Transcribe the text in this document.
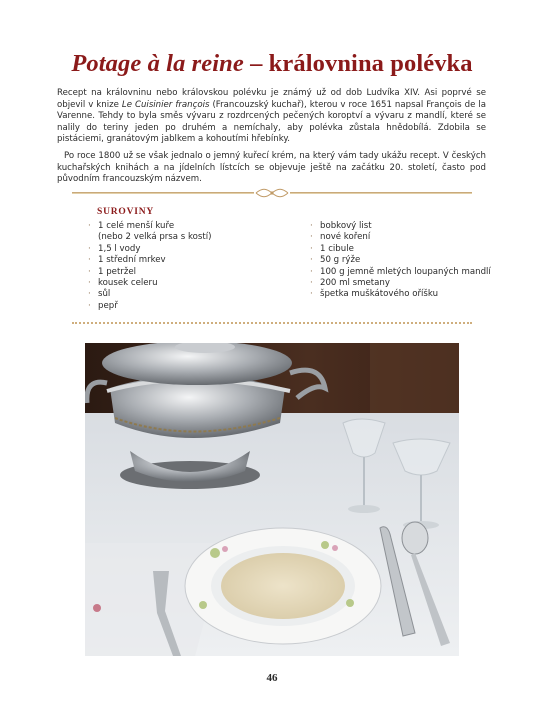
Potage à la reine – královnina polévka

Recept na královninu nebo královskou polévku je známý už od dob Ludvíka XIV. Asi poprvé se objevil v knize Le Cuisinier françois (Francouzský kuchař), kterou v roce 1651 napsal François de la Varenne. Tehdy to byla směs vývaru z rozdrcených pečených koroptví a vývaru z mandlí, které se nalily do teriny jeden po druhém a nemíchaly, aby polévka zůstala hnědobílá. Zdobila se pistáciemi, granátovým jablkem a kohoutími hřebínky.

Po roce 1800 už se však jednalo o jemný kuřecí krém, na který vám tady ukážu recept. V českých kuchařských knihách a na jídelních lístcích se objevuje ještě na začátku 20. století, často pod původním francouzským názvem.

SUROVINY
· 1 celé menší kuře
(nebo 2 velká prsa s kostí)
· 1,5 l vody
· 1 střední mrkev
· 1 petržel
· kousek celeru
· sůl
· pepř
· bobkový list
· nové koření
· 1 cibule
· 50 g rýže
· 100 g jemně mletých loupaných mandlí
· 200 ml smetany
· špetka muškátového oříšku
46
